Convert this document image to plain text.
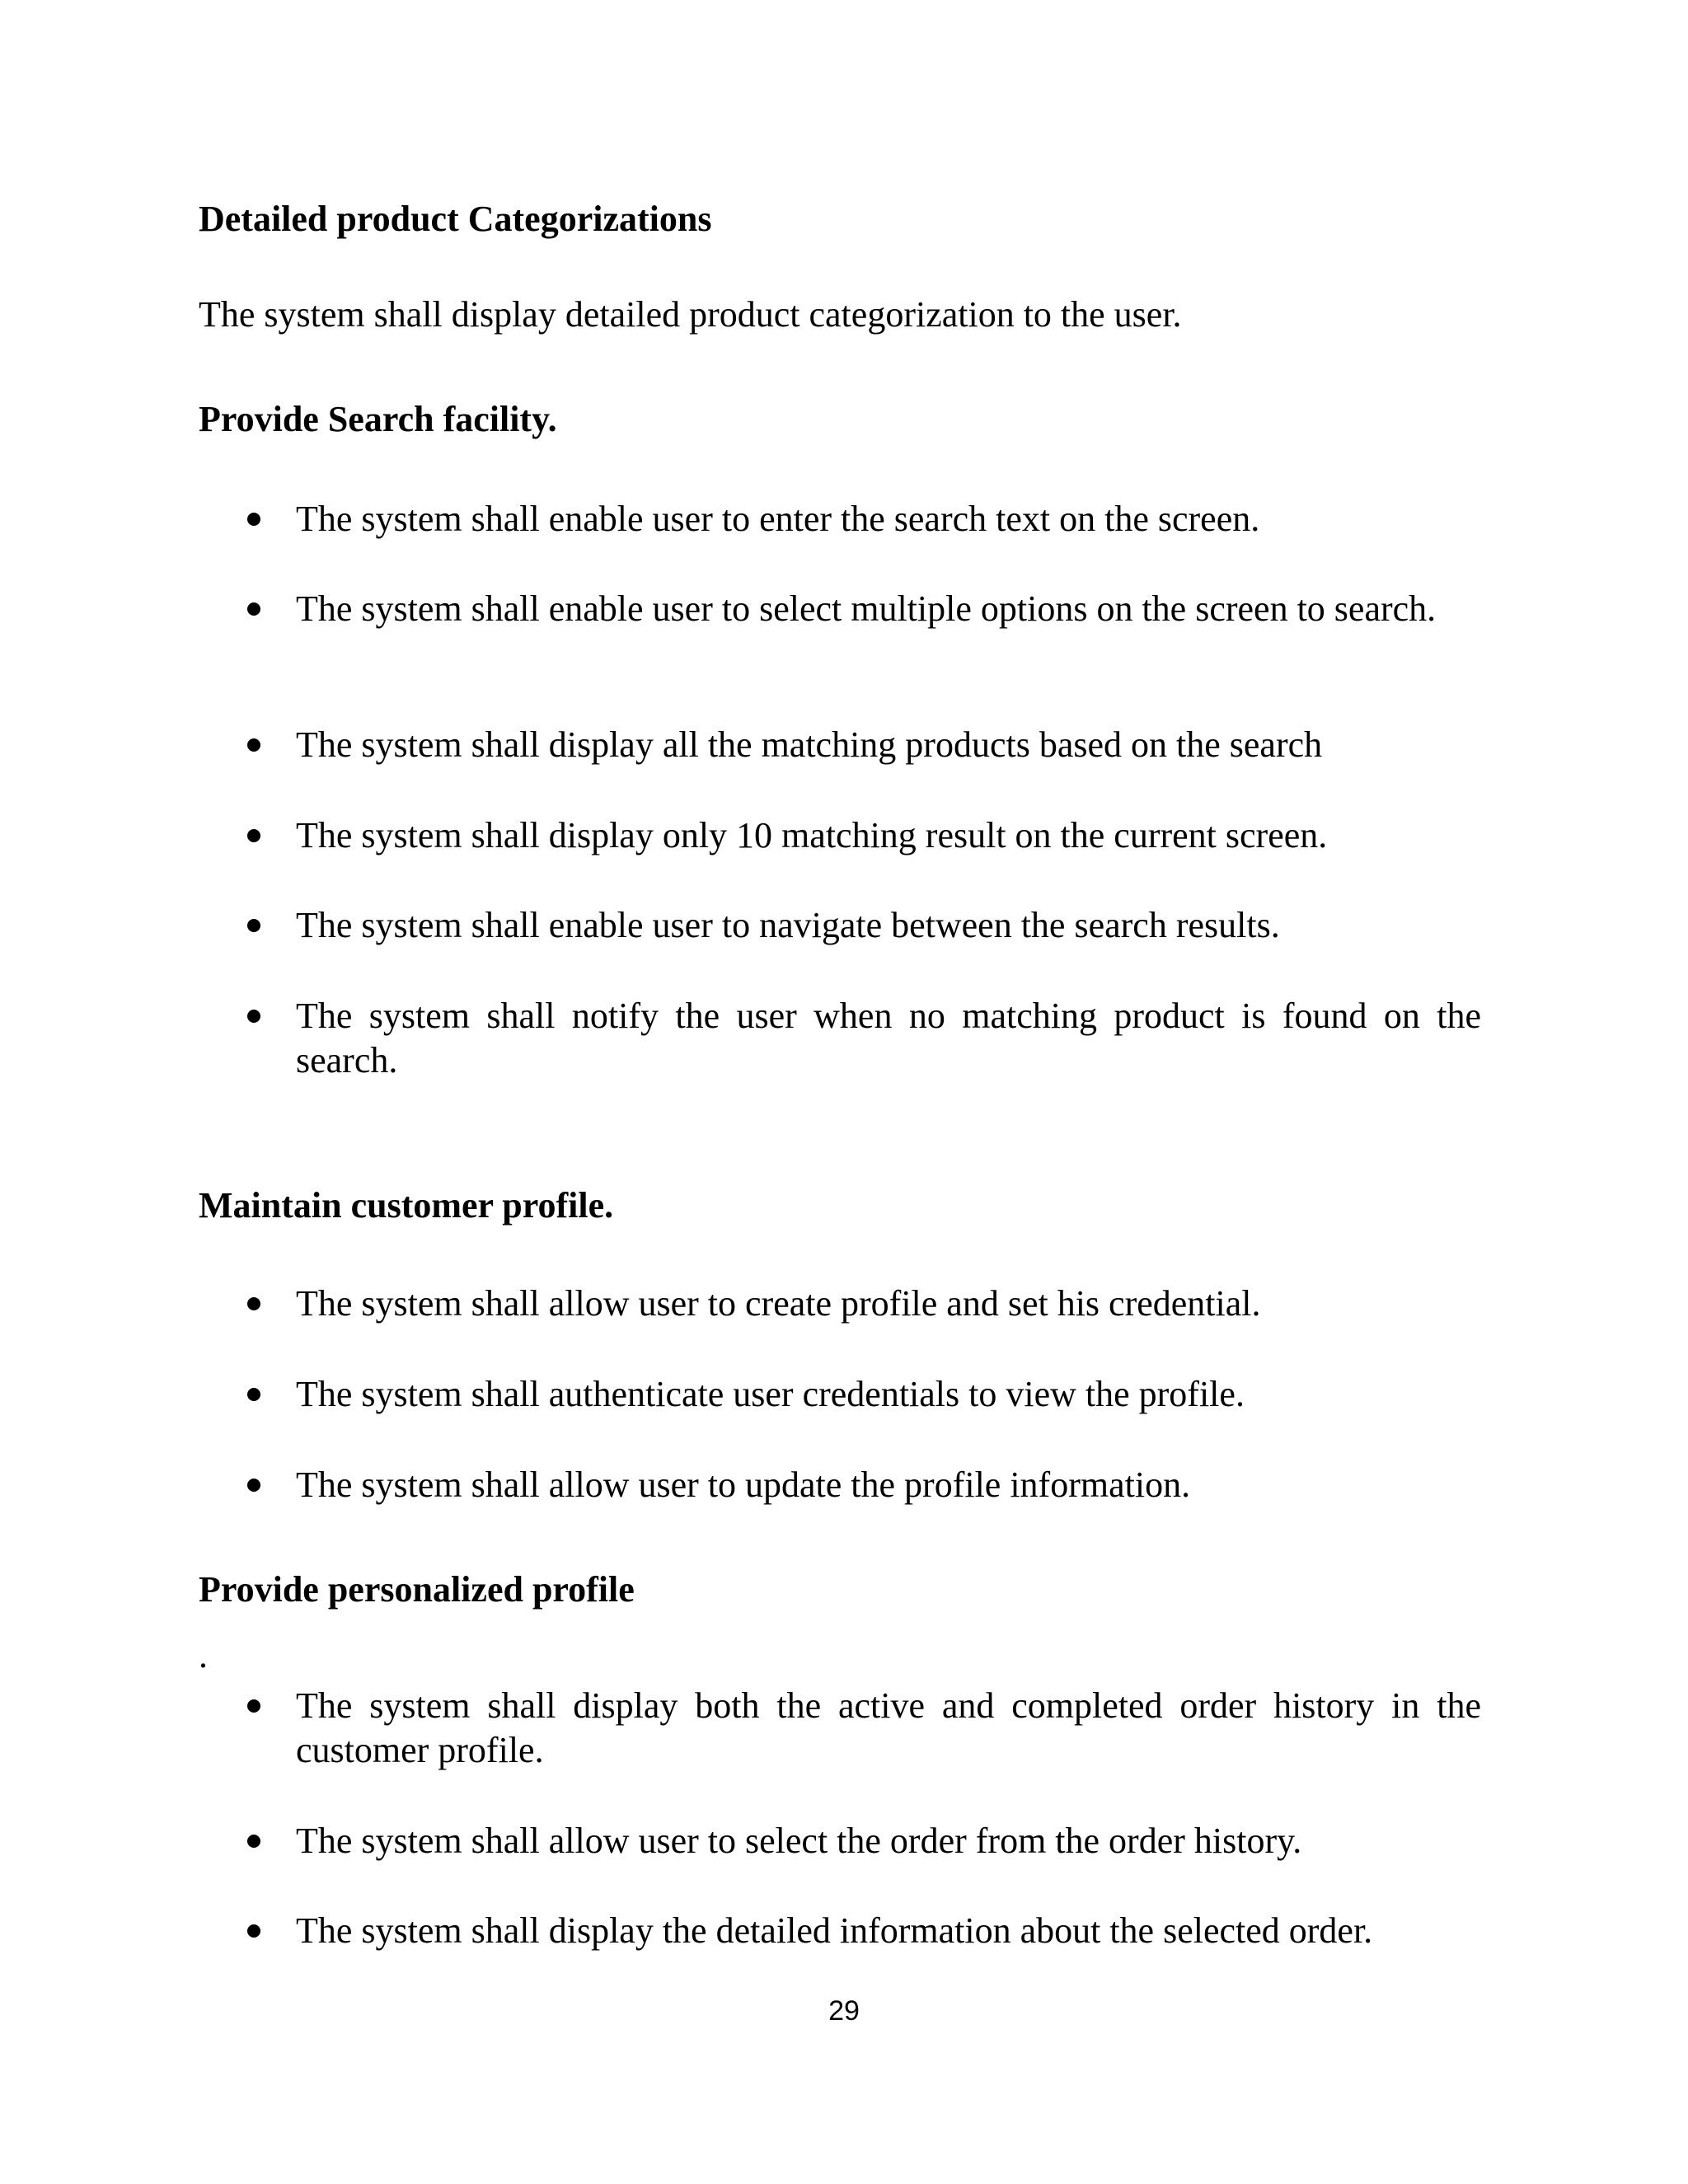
Detailed product Categorizations

The system shall display detailed product categorization to the user.

Provide Search facility.

The system shall enable user to enter the search text on the screen.

The system shall enable user to select multiple options on the screen to search.

The system shall display all the matching products based on the search

The system shall display only 10 matching result on the current screen.

The system shall enable user to navigate between the search results.

The system shall notify the user when no matching product is found on the search.

Maintain customer profile.

The system shall allow user to create profile and set his credential.

The system shall authenticate user credentials to view the profile.

The system shall allow user to update the profile information.

Provide personalized profile

.

The system shall display both the active and completed order history in the customer profile.

The system shall allow user to select the order from the order history.

The system shall display the detailed information about the selected order.

29
